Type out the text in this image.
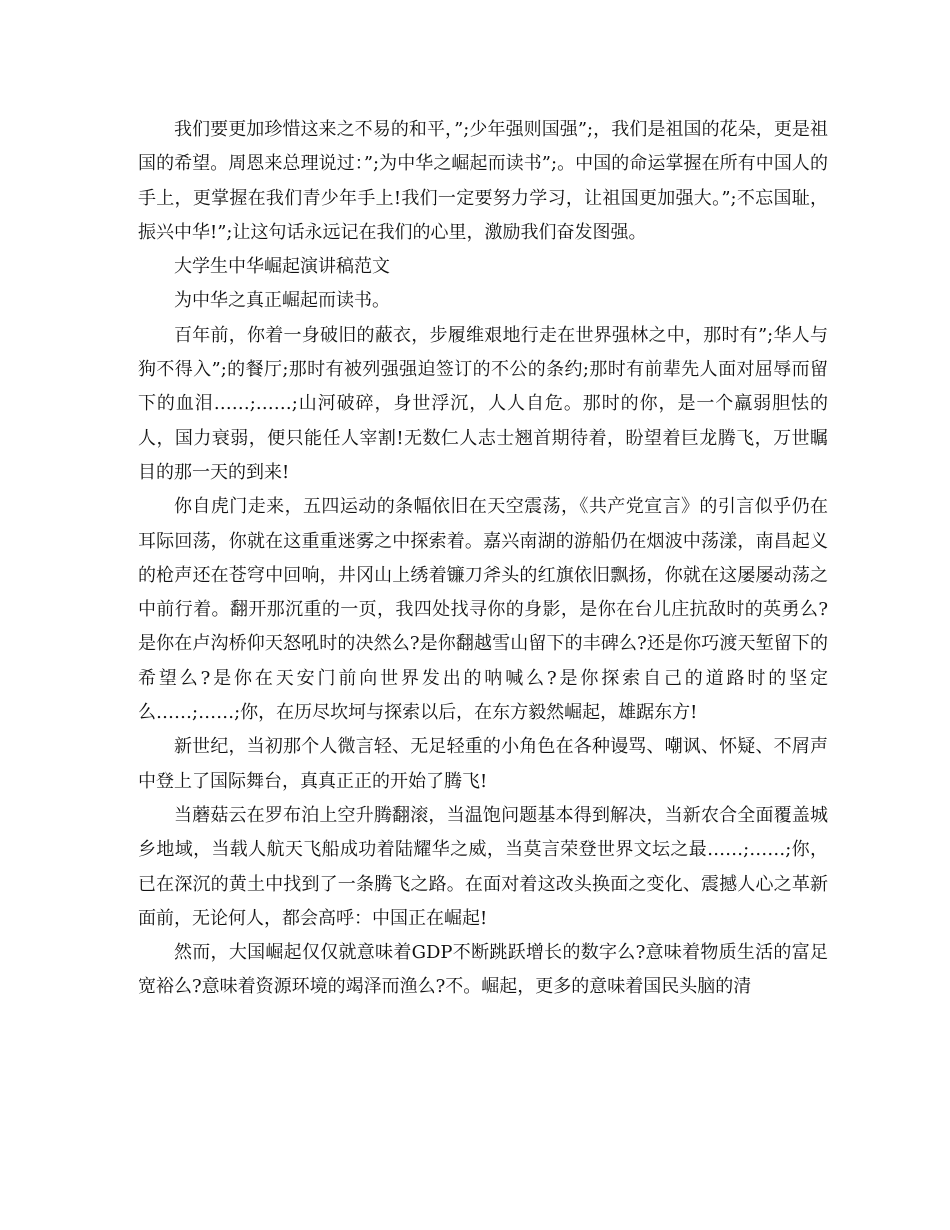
我们要更加珍惜这来之不易的和平，”;少年强则国强”;，我们是祖国的花朵，更是祖国的希望。周恩来总理说过：”;为中华之崛起而读书”;。中国的命运掌握在所有中国人的手上，更掌握在我们青少年手上!我们一定要努力学习，让祖国更加强大。”;不忘国耻，振兴中华!”;让这句话永远记在我们的心里，激励我们奋发图强。

大学生中华崛起演讲稿范文

为中华之真正崛起而读书。

百年前，你着一身破旧的蔽衣，步履维艰地行走在世界强林之中，那时有”;华人与狗不得入”;的餐厅;那时有被列强强迫签订的不公的条约;那时有前辈先人面对屈辱而留下的血泪……;……;山河破碎，身世浮沉，人人自危。那时的你，是一个羸弱胆怯的人，国力衰弱，便只能任人宰割!无数仁人志士翘首期待着，盼望着巨龙腾飞，万世瞩目的那一天的到来!

你自虎门走来，五四运动的条幅依旧在天空震荡，《共产党宣言》的引言似乎仍在耳际回荡，你就在这重重迷雾之中探索着。嘉兴南湖的游船仍在烟波中荡漾，南昌起义的枪声还在苍穹中回响，井冈山上绣着镰刀斧头的红旗依旧飘扬，你就在这屡屡动荡之中前行着。翻开那沉重的一页，我四处找寻你的身影，是你在台儿庄抗敌时的英勇么?是你在卢沟桥仰天怒吼时的决然么?是你翻越雪山留下的丰碑么?还是你巧渡天堑留下的希望么?是你在天安门前向世界发出的呐喊么?是你探索自己的道路时的坚定么……;……;你，在历尽坎坷与探索以后，在东方毅然崛起，雄踞东方!

新世纪，当初那个人微言轻、无足轻重的小角色在各种谩骂、嘲讽、怀疑、不屑声中登上了国际舞台，真真正正的开始了腾飞!

当蘑菇云在罗布泊上空升腾翻滚，当温饱问题基本得到解决，当新农合全面覆盖城乡地域，当载人航天飞船成功着陆耀华之威，当莫言荣登世界文坛之最……;……;你，已在深沉的黄土中找到了一条腾飞之路。在面对着这改头换面之变化、震撼人心之革新面前，无论何人，都会高呼：中国正在崛起!

然而，大国崛起仅仅就意味着GDP不断跳跃增长的数字么?意味着物质生活的富足宽裕么?意味着资源环境的竭泽而渔么?不。崛起，更多的意味着国民头脑的清
